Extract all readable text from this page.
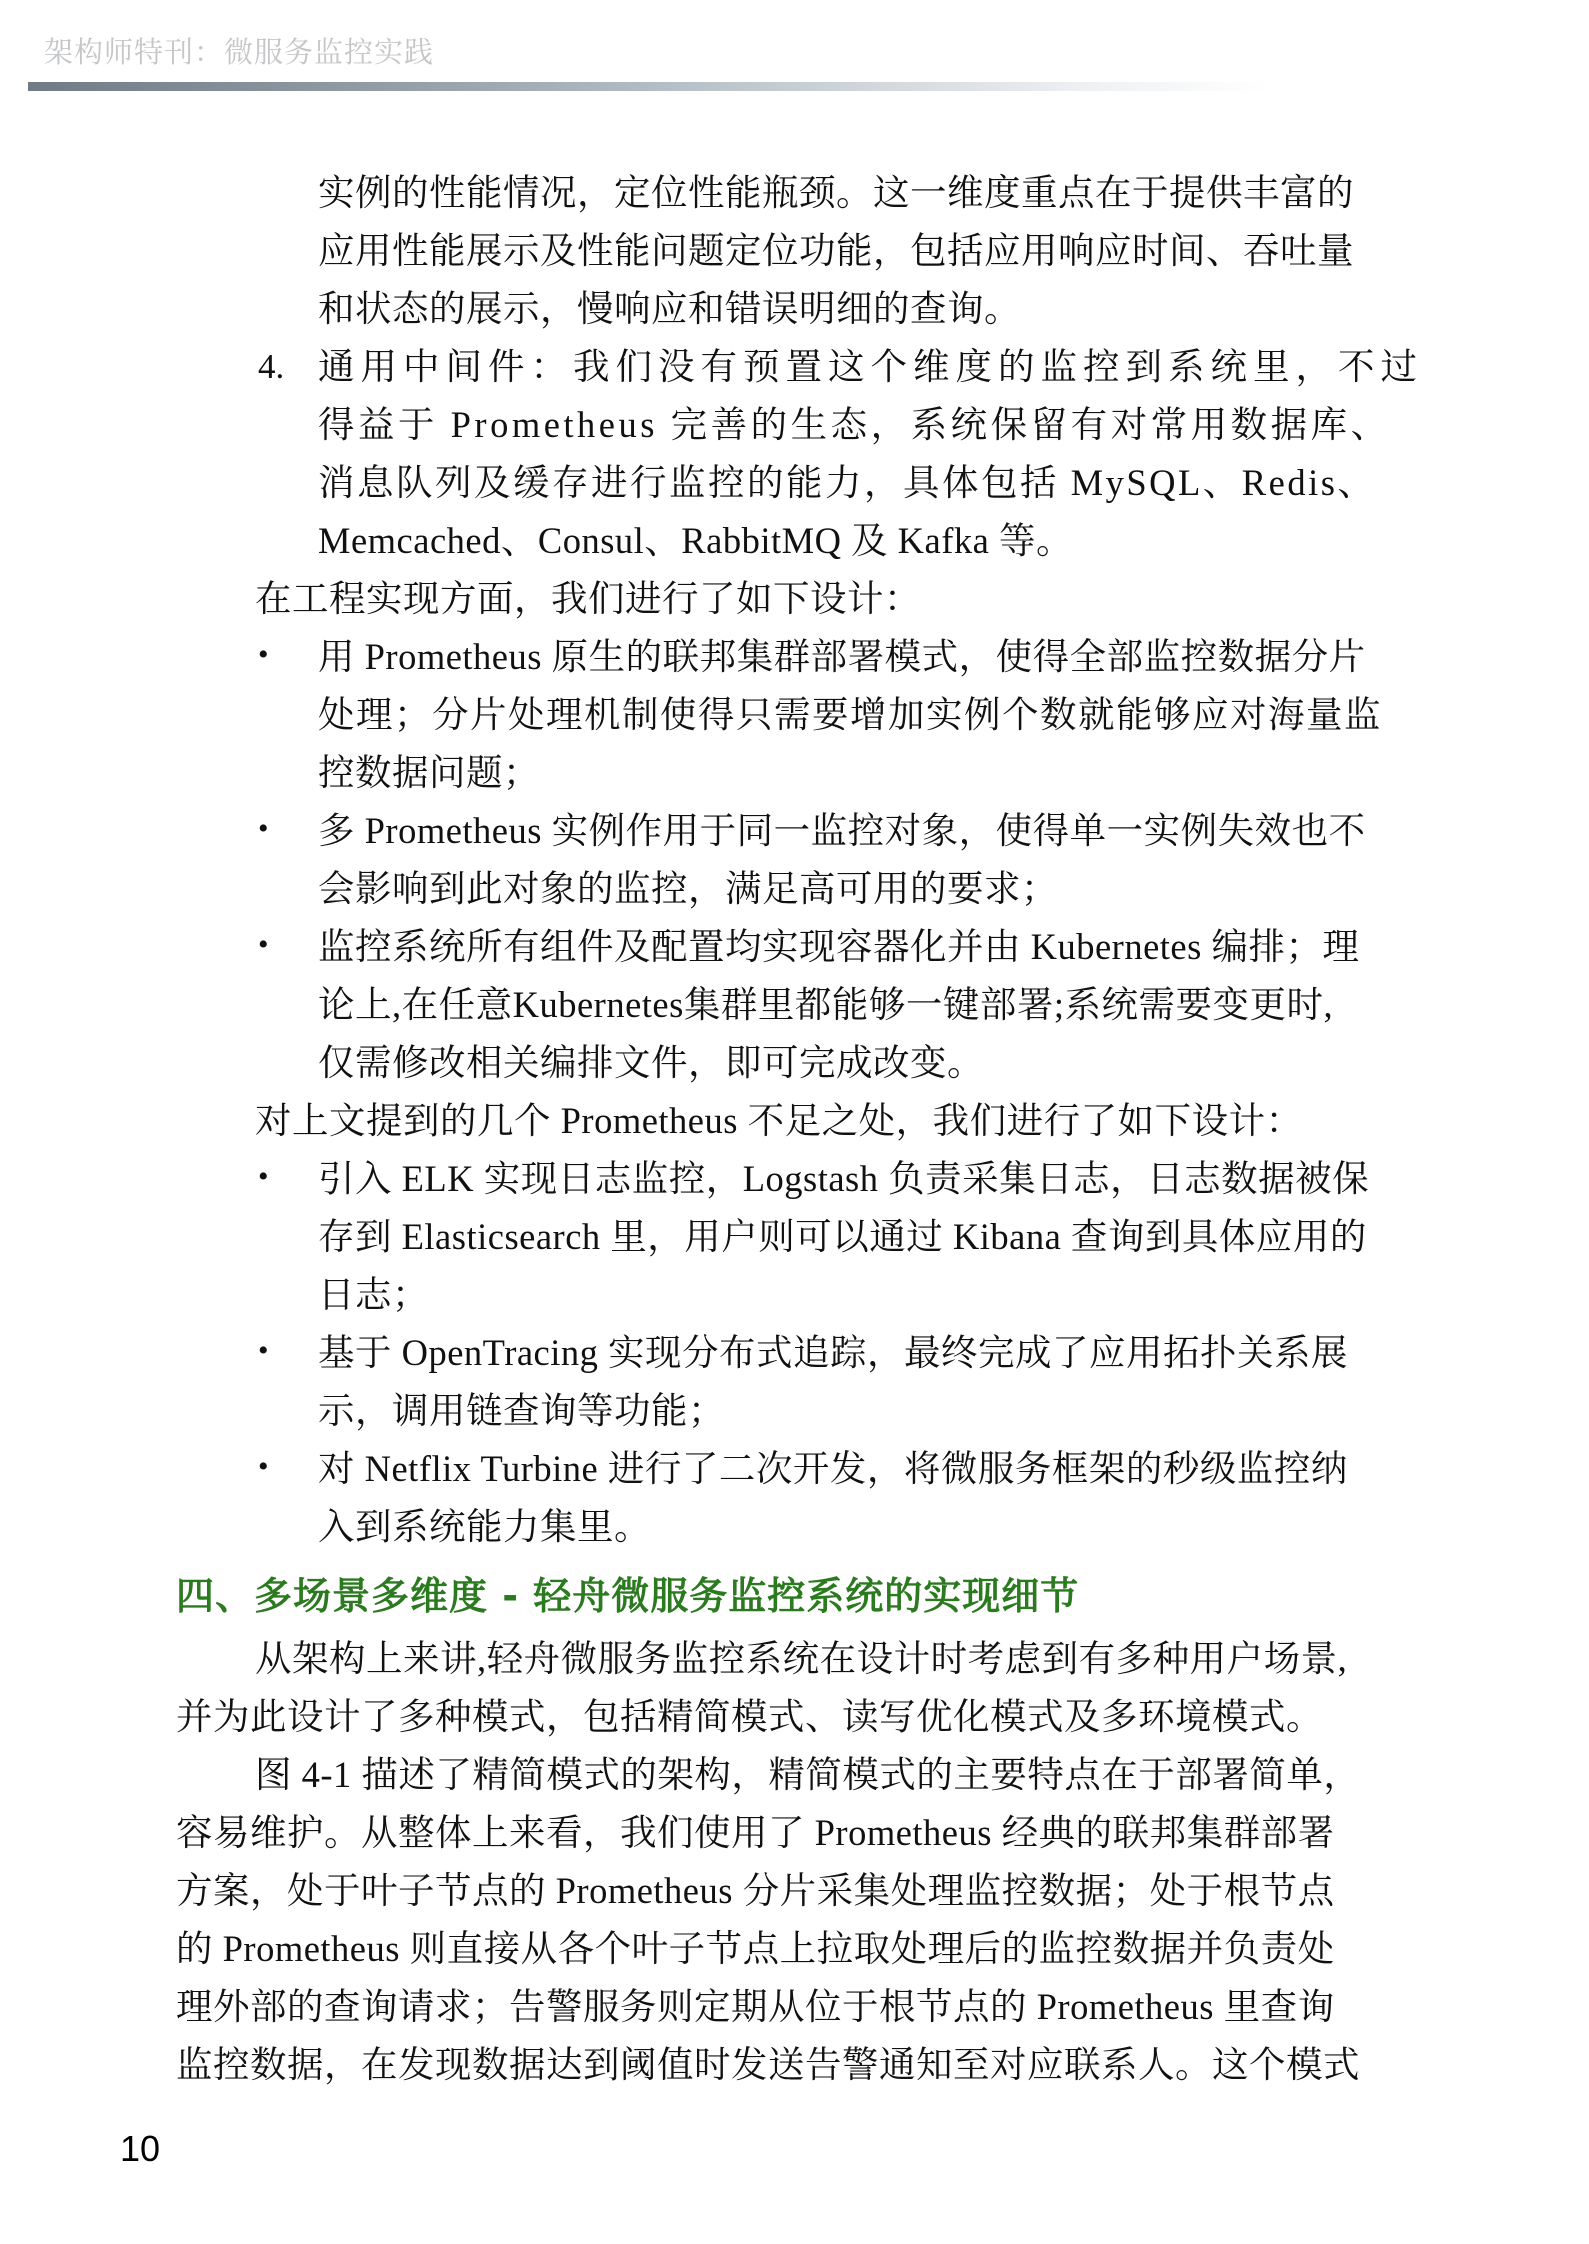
架构师特刊：微服务监控实践
实例的性能情况，定位性能瓶颈。这一维度重点在于提供丰富的
应用性能展示及性能问题定位功能，包括应用响应时间、吞吐量
和状态的展示，慢响应和错误明细的查询。
4. 通用中间件：我们没有预置这个维度的监控到系统里，不过
得益于 Prometheus 完善的生态，系统保留有对常用数据库、
消息队列及缓存进行监控的能力，具体包括 MySQL、Redis、
Memcached、Consul、RabbitMQ 及 Kafka 等。
在工程实现方面，我们进行了如下设计：
• 用 Prometheus 原生的联邦集群部署模式，使得全部监控数据分片
处理；分片处理机制使得只需要增加实例个数就能够应对海量监
控数据问题；
• 多 Prometheus 实例作用于同一监控对象，使得单一实例失效也不
会影响到此对象的监控，满足高可用的要求；
• 监控系统所有组件及配置均实现容器化并由 Kubernetes 编排；理
论上,在任意Kubernetes集群里都能够一键部署;系统需要变更时,
仅需修改相关编排文件，即可完成改变。
对上文提到的几个 Prometheus 不足之处，我们进行了如下设计：
• 引入 ELK 实现日志监控，Logstash 负责采集日志，日志数据被保
存到 Elasticsearch 里，用户则可以通过 Kibana 查询到具体应用的
日志；
• 基于 OpenTracing 实现分布式追踪，最终完成了应用拓扑关系展
示，调用链查询等功能；
• 对 Netflix Turbine 进行了二次开发，将微服务框架的秒级监控纳
入到系统能力集里。
四、多场景多维度 - 轻舟微服务监控系统的实现细节
从架构上来讲,轻舟微服务监控系统在设计时考虑到有多种用户场景,
并为此设计了多种模式，包括精简模式、读写优化模式及多环境模式。
图 4-1 描述了精简模式的架构，精简模式的主要特点在于部署简单，
容易维护。从整体上来看，我们使用了 Prometheus 经典的联邦集群部署
方案，处于叶子节点的 Prometheus 分片采集处理监控数据；处于根节点
的 Prometheus 则直接从各个叶子节点上拉取处理后的监控数据并负责处
理外部的查询请求；告警服务则定期从位于根节点的 Prometheus 里查询
监控数据，在发现数据达到阈值时发送告警通知至对应联系人。这个模式
10
